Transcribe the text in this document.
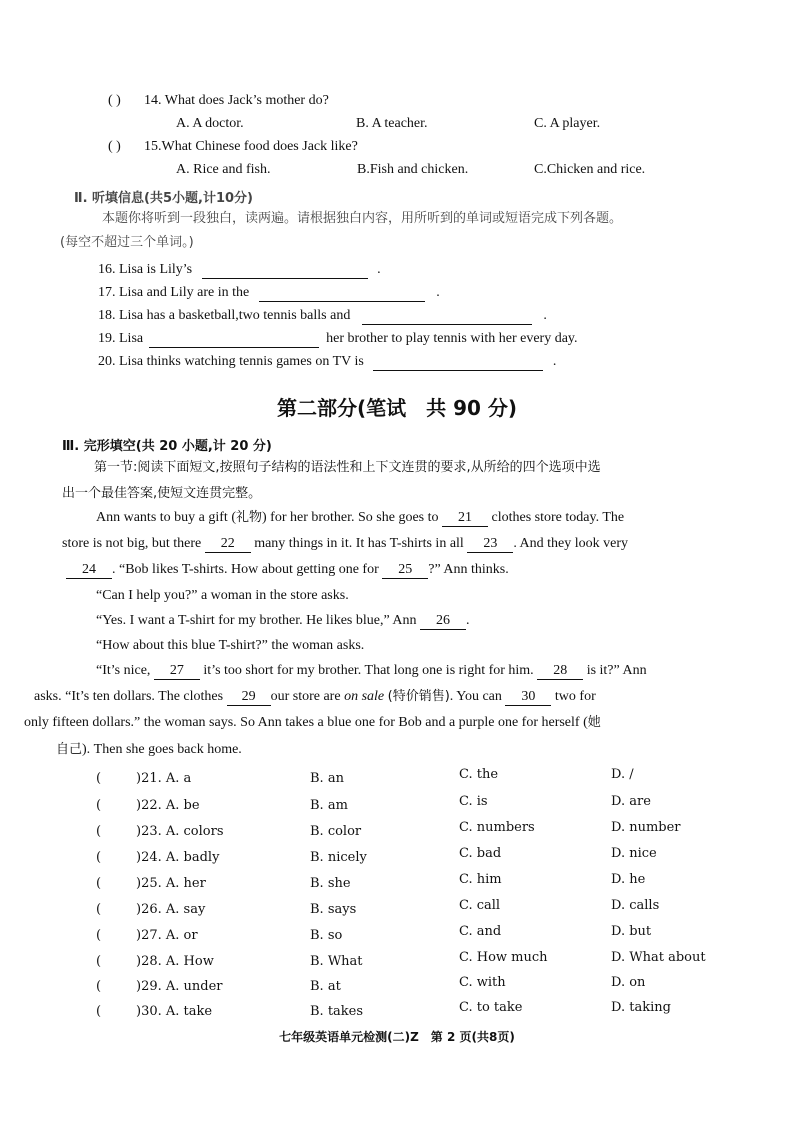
( ) 14. What does Jack’s mother do?
A. A doctor.	B. A teacher.	C. A player.
( ) 15.What Chinese food does Jack like?
A. Rice and fish.	B.Fish and chicken.	C.Chicken and rice.
Ⅱ. 听填信息(共5小题,计10分)
本题你将听到一段独白，读两遍。请根据独白内容，用所听到的单词或短语完成下列各题。
(每空不超过三个单词。)
16. Lisa is Lily’s	.
17. Lisa and Lily are in the	.
18. Lisa has a basketball,two tennis balls and	.
19. Lisa	her brother to play tennis with her every day.
20. Lisa thinks watching tennis games on TV is	.
第二部分(笔试　共 90 分)
Ⅲ. 完形填空(共 20 小题,计 20 分)
第一节:阅读下面短文,按照句子结构的语法性和上下文连贯的要求,从所给的四个选项中选
出一个最佳答案,使短文连贯完整。
Ann wants to buy a gift (礼物) for her brother. So she goes to 21 clothes store today. The
store is not big, but there 22 many things in it. It has T-shirts in all 23 . And they look very
24 . “Bob likes T-shirts. How about getting one for 25 ?” Ann thinks.
“Can I help you?” a woman in the store asks.
“Yes. I want a T-shirt for my brother. He likes blue,” Ann 26 .
“How about this blue T-shirt?” the woman asks.
“It’s nice, 27 it’s too short for my brother. That long one is right for him. 28 is it?” Ann
asks. “It’s ten dollars. The clothes 29 our store are on sale (特价销售). You can 30 two for
only fifteen dollars.” the woman says. So Ann takes a blue one for Bob and a purple one for herself (她
自己). Then she goes back home.
(	)21. A. a	B. an	C. the	D. /
(	)22. A. be	B. am	C. is	D. are
(	)23. A. colors	B. color	C. numbers	D. number
(	)24. A. badly	B. nicely	C. bad	D. nice
(	)25. A. her	B. she	C. him	D. he
(	)26. A. say	B. says	C. call	D. calls
(	)27. A. or	B. so	C. and	D. but
(	)28. A. How	B. What	C. How much	D. What about
(	)29. A. under	B. at	C. with	D. on
(	)30. A. take	B. takes	C. to take	D. taking
七年级英语单元检测(二)Z　第 2 页(共8页)
